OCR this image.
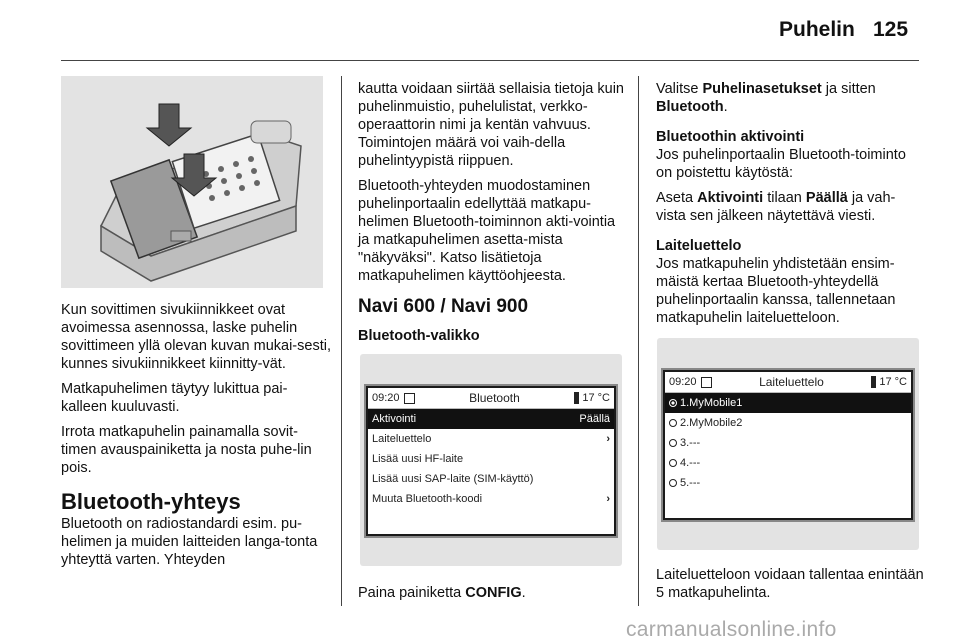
Puhelin 125

Kun sovittimen sivukiinnikkeet ovat avoimessa asennossa, laske puhelin sovittimeen yllä olevan kuvan mukai-sesti, kunnes sivukiinnikkeet kiinnitty-vät.

Matkapuhelimen täytyy lukittua pai-kalleen kuuluvasti.

Irrota matkapuhelin painamalla sovit-timen avauspainiketta ja nosta puhe-lin pois.

Bluetooth-yhteys

Bluetooth on radiostandardi esim. pu-helimen ja muiden laitteiden langa-tonta yhteyttä varten. Yhteyden

kautta voidaan siirtää sellaisia tietoja kuin puhelinmuistio, puhelulistat, verkko-operaattorin nimi ja kentän vahvuus. Toimintojen määrä voi vaih-della puhelintyypistä riippuen.

Bluetooth-yhteyden muodostaminen puhelinportaalin edellyttää matkapu-helimen Bluetooth-toiminnon akti-vointia ja matkapuhelimen asetta-mista "näkyväksi". Katso lisätietoja matkapuhelimen käyttöohjeesta.

Navi 600 / Navi 900
Bluetooth-valikko
09:20	Bluetooth	17 °C
Aktivointi	Päällä
Laiteluettelo	›
Lisää uusi HF-laite
Lisää uusi SAP-laite (SIM-käyttö)
Muuta Bluetooth-koodi	›

Paina painiketta CONFIG.

Valitse Puhelinasetukset ja sitten Bluetooth.

Bluetoothin aktivointi

Jos puhelinportaalin Bluetooth-toiminto on poistettu käytöstä:

Aseta Aktivointi tilaan Päällä ja vah-vista sen jälkeen näytettävä viesti.

Laiteluettelo

Jos matkapuhelin yhdistetään ensim-mäistä kertaa Bluetooth-yhteydellä puhelinportaalin kanssa, tallennetaan matkapuhelin laiteluetteloon.

09:20	Laiteluettelo	17 °C
1.MyMobile1
2.MyMobile2
3.---
4.---
5.---

Laiteluetteloon voidaan tallentaa enintään 5 matkapuhelinta.

carmanualsonline.info
